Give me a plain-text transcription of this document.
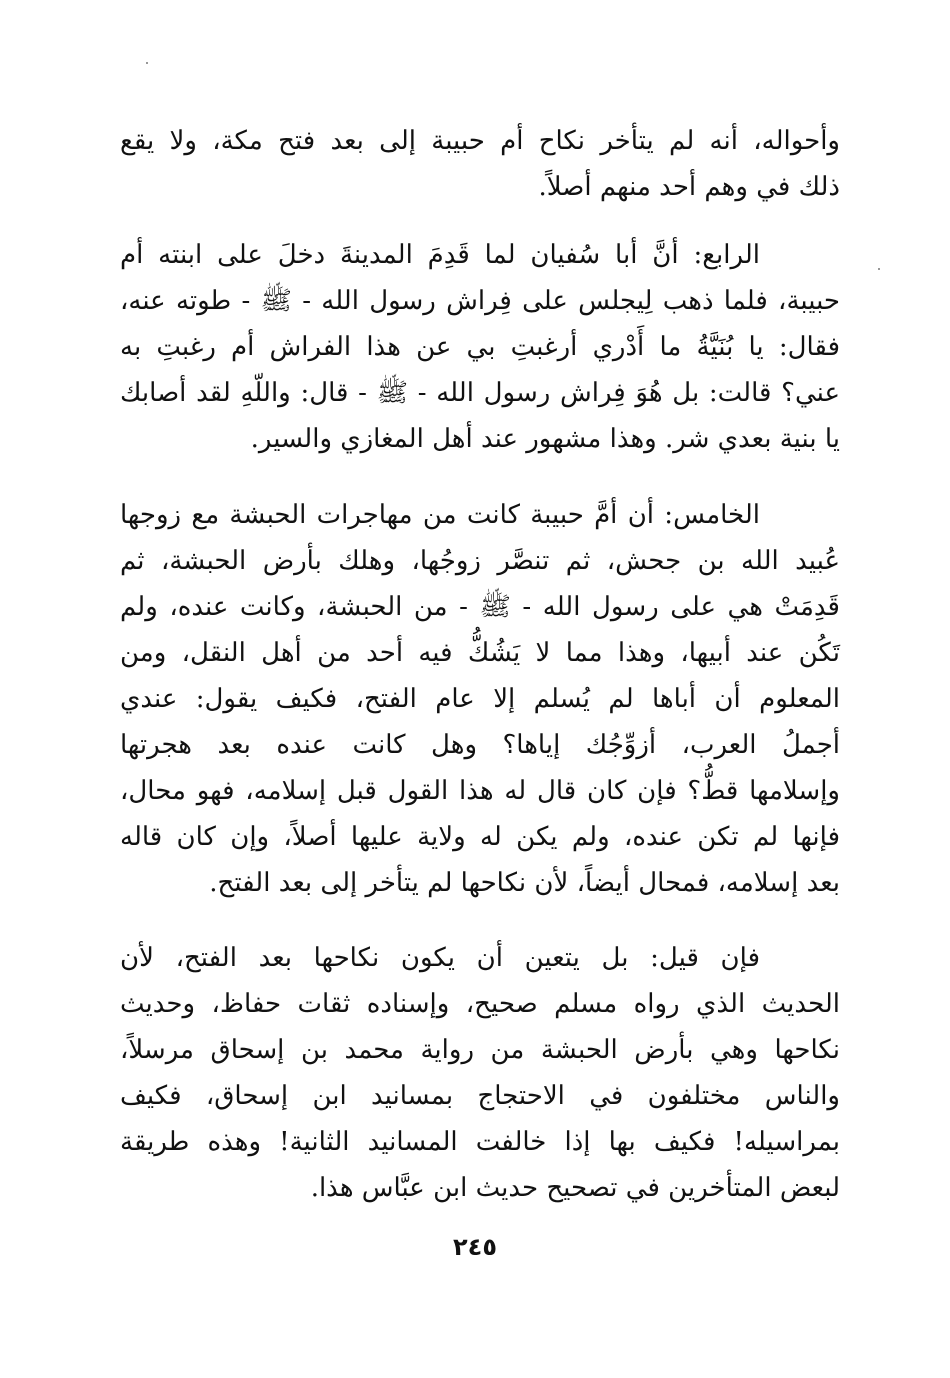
وأحواله، أنه لم يتأخر نكاح أم حبيبة إلى بعد فتح مكة، ولا يقع
ذلك في وهم أحد منهم أصلاً.
الرابع: أنَّ أبا سُفيان لما قَدِمَ المدينةَ دخلَ على ابنته أم
حبيبة، فلما ذهب لِيجلس على فِراش رسول الله - ﷺ - طوته عنه،
فقال: يا بُنَيَّةُ ما أَدْري أرغبتِ بي عن هذا الفراش أم رغبتِ به
عني؟ قالت: بل هُوَ فِراش رسول الله - ﷺ - قال: واللّهِ لقد أصابك
يا بنية بعدي شر. وهذا مشهور عند أهل المغازي والسير.
الخامس: أن أمَّ حبيبة كانت من مهاجرات الحبشة مع زوجها
عُبيد الله بن جحش، ثم تنصَّر زوجُها، وهلك بأرض الحبشة، ثم
قَدِمَتْ هي على رسول الله - ﷺ - من الحبشة، وكانت عنده، ولم
تَكُن عند أبيها، وهذا مما لا يَشُكُّ فيه أحد من أهل النقل، ومن
المعلوم أن أباها لم يُسلم إلا عام الفتح، فكيف يقول: عندي
أجملُ العرب، أزوِّجُك إياها؟ وهل كانت عنده بعد هجرتها
وإسلامها قطُّ؟ فإن كان قال له هذا القول قبل إسلامه، فهو محال،
فإنها لم تكن عنده، ولم يكن له ولاية عليها أصلاً، وإن كان قاله
بعد إسلامه، فمحال أيضاً، لأن نكاحها لم يتأخر إلى بعد الفتح.
فإن قيل: بل يتعين أن يكون نكاحها بعد الفتح، لأن
الحديث الذي رواه مسلم صحيح، وإسناده ثقات حفاظ، وحديث
نكاحها وهي بأرض الحبشة من رواية محمد بن إسحاق مرسلاً،
والناس مختلفون في الاحتجاج بمسانيد ابن إسحاق، فكيف
بمراسيله! فكيف بها إذا خالفت المسانيد الثانية! وهذه طريقة
لبعض المتأخرين في تصحيح حديث ابن عبَّاس هذا.
٢٤٥
